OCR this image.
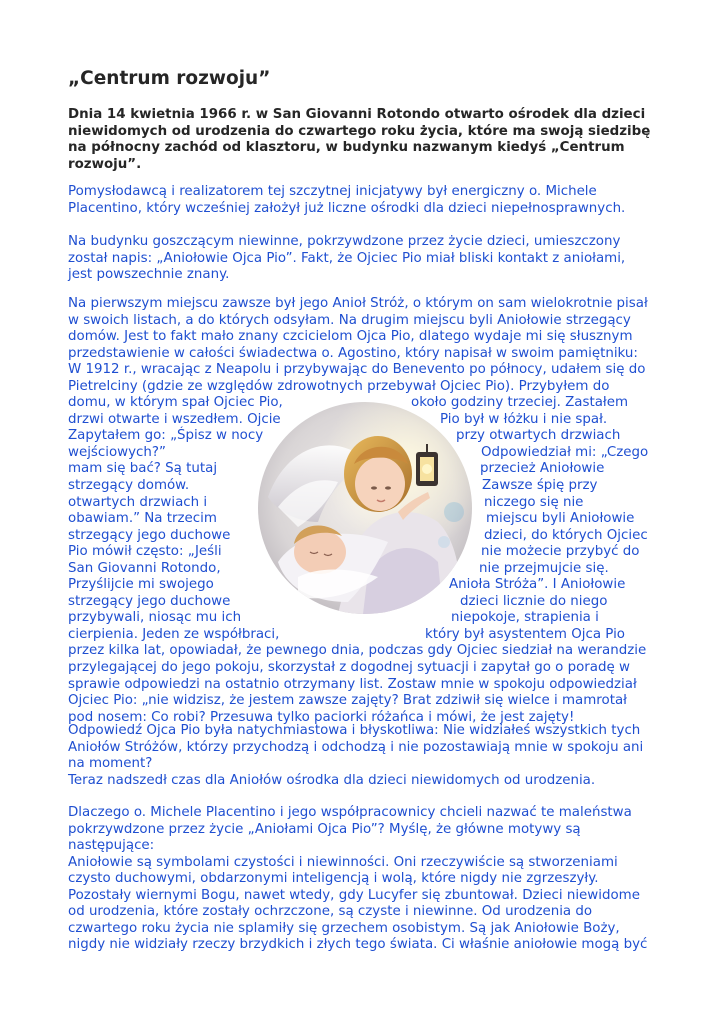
„Centrum rozwoju”

Dnia 14 kwietnia 1966 r. w San Giovanni Rotondo otwarto ośrodek dla dzieci niewidomych od urodzenia do czwartego roku życia, które ma swoją siedzibę na północny zachód od klasztoru, w budynku nazwanym kiedyś „Centrum rozwoju”.

Pomysłodawcą i realizatorem tej szczytnej inicjatywy był energiczny o. Michele
Placentino, który wcześniej założył już liczne ośrodki dla dzieci niepełnosprawnych.
Na budynku goszczącym niewinne, pokrzywdzone przez życie dzieci, umieszczony
został napis: „Aniołowie Ojca Pio”. Fakt, że Ojciec Pio miał bliski kontakt z aniołami,
jest powszechnie znany.
Na pierwszym miejscu zawsze był jego Anioł Stróż, o którym on sam wielokrotnie pisał
w swoich listach, a do których odsyłam. Na drugim miejscu byli Aniołowie strzegący
domów. Jest to fakt mało znany czcicielom Ojca Pio, dlatego wydaje mi się słusznym
przedstawienie w całości świadectwa o. Agostino, który napisał w swoim pamiętniku:
W 1912 r., wracając z Neapolu i przybywając do Benevento po północy, udałem się do
Pietrelciny (gdzie ze względów zdrowotnych przebywał Ojciec Pio). Przybyłem do
domu, w którym spał Ojciec Pio,	około godziny trzeciej. Zastałem
drzwi otwarte i wszedłem. Ojcie	Pio był w łóżku i nie spał.
Zapytałem go: „Śpisz w nocy	przy otwartych drzwiach
wejściowych?”	Odpowiedział mi: „Czego
mam się bać? Są tutaj	przecież Aniołowie
strzegący domów.	Zawsze śpię przy
otwartych drzwiach i	niczego się nie
obawiam.” Na trzecim	miejscu byli Aniołowie
strzegący jego duchowe	dzieci, do których Ojciec
Pio mówił często: „Jeśli	nie możecie przybyć do
San Giovanni Rotondo,	nie przejmujcie się.
Przyślijcie mi swojego	Anioła Stróża”. I Aniołowie
strzegący jego duchowe	dzieci licznie do niego
przybywali, niosąc mu ich	niepokoje, strapienia i
cierpienia. Jeden ze współbraci,	który był asystentem Ojca Pio
przez kilka lat, opowiadał, że pewnego dnia, podczas gdy Ojciec siedział na werandzie
przylegającej do jego pokoju, skorzystał z dogodnej sytuacji i zapytał go o poradę w
sprawie odpowiedzi na ostatnio otrzymany list. Zostaw mnie w spokoju odpowiedział
Ojciec Pio: „nie widzisz, że jestem zawsze zajęty? Brat zdziwił się wielce i mamrotał
pod nosem: Co robi? Przesuwa tylko paciorki różańca i mówi, że jest zajęty!
Odpowiedź Ojca Pio była natychmiastowa i błyskotliwa: Nie widziałeś wszystkich tych
Aniołów Stróżów, którzy przychodzą i odchodzą i nie pozostawiają mnie w spokoju ani
na moment?
Teraz nadszedł czas dla Aniołów ośrodka dla dzieci niewidomych od urodzenia.
Dlaczego o. Michele Placentino i jego współpracownicy chcieli nazwać te maleństwa
pokrzywdzone przez życie „Aniołami Ojca Pio”? Myślę, że główne motywy są
następujące:
Aniołowie są symbolami czystości i niewinności. Oni rzeczywiście są stworzeniami
czysto duchowymi, obdarzonymi inteligencją i wolą, które nigdy nie zgrzeszyły.
Pozostały wiernymi Bogu, nawet wtedy, gdy Lucyfer się zbuntował. Dzieci niewidome
od urodzenia, które zostały ochrzczone, są czyste i niewinne. Od urodzenia do
czwartego roku życia nie splamiły się grzechem osobistym. Są jak Aniołowie Boży,
nigdy nie widziały rzeczy brzydkich i złych tego świata. Ci właśnie aniołowie mogą być
